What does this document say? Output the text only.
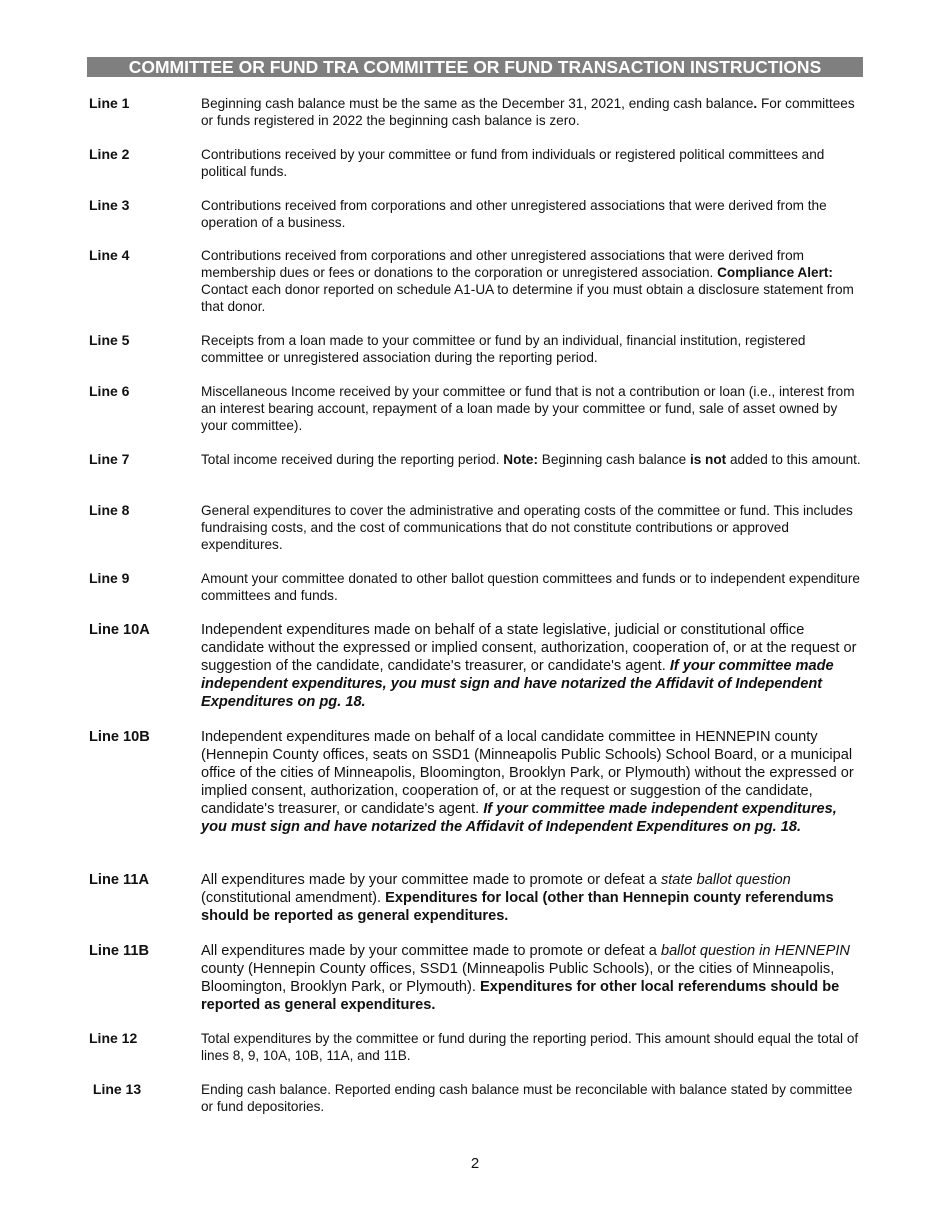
COMMITTEE OR FUND TRA COMMITTEE OR FUND TRANSACTION INSTRUCTIONS
Line 1	Beginning cash balance must be the same as the December 31, 2021, ending cash balance. For committees or funds registered in 2022 the beginning cash balance is zero.
Line 2	Contributions received by your committee or fund from individuals or registered political committees and political funds.
Line 3	Contributions received from corporations and other unregistered associations that were derived from the operation of a business.
Line 4	Contributions received from corporations and other unregistered associations that were derived from membership dues or fees or donations to the corporation or unregistered association. Compliance Alert: Contact each donor reported on schedule A1-UA to determine if you must obtain a disclosure statement from that donor.
Line 5	Receipts from a loan made to your committee or fund by an individual, financial institution, registered committee or unregistered association during the reporting period.
Line 6	Miscellaneous Income received by your committee or fund that is not a contribution or loan (i.e., interest from an interest bearing account, repayment of a loan made by your committee or fund, sale of asset owned by your committee).
Line 7	Total income received during the reporting period. Note: Beginning cash balance is not added to this amount.
Line 8	General expenditures to cover the administrative and operating costs of the committee or fund. This includes fundraising costs, and the cost of communications that do not constitute contributions or approved expenditures.
Line 9	Amount your committee donated to other ballot question committees and funds or to independent expenditure committees and funds.
Line 10A	Independent expenditures made on behalf of a state legislative, judicial or constitutional office candidate without the expressed or implied consent, authorization, cooperation of, or at the request or suggestion of the candidate, candidate's treasurer, or candidate's agent. If your committee made independent expenditures, you must sign and have notarized the Affidavit of Independent Expenditures on pg. 18.
Line 10B	Independent expenditures made on behalf of a local candidate committee in HENNEPIN county (Hennepin County offices, seats on SSD1 (Minneapolis Public Schools) School Board, or a municipal office of the cities of Minneapolis, Bloomington, Brooklyn Park, or Plymouth) without the expressed or implied consent, authorization, cooperation of, or at the request or suggestion of the candidate, candidate's treasurer, or candidate's agent. If your committee made independent expenditures, you must sign and have notarized the Affidavit of Independent Expenditures on pg. 18.
Line 11A	All expenditures made by your committee made to promote or defeat a state ballot question (constitutional amendment). Expenditures for local (other than Hennepin county referendums should be reported as general expenditures.
Line 11B	All expenditures made by your committee made to promote or defeat a ballot question in HENNEPIN county (Hennepin County offices, SSD1 (Minneapolis Public Schools), or the cities of Minneapolis, Bloomington, Brooklyn Park, or Plymouth). Expenditures for other local referendums should be reported as general expenditures.
Line 12	Total expenditures by the committee or fund during the reporting period. This amount should equal the total of lines 8, 9, 10A, 10B, 11A, and 11B.
Line 13	Ending cash balance. Reported ending cash balance must be reconcilable with balance stated by committee or fund depositories.
2
